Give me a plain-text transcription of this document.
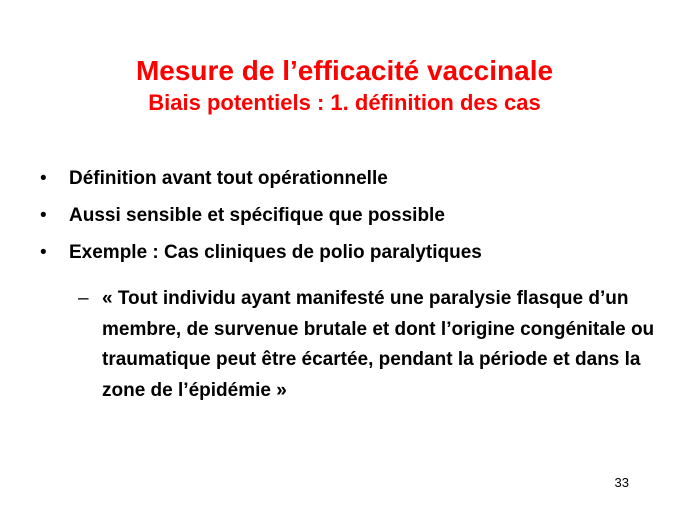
Mesure de l’efficacité vaccinale
Biais potentiels : 1. définition des cas
• Définition avant tout opérationnelle
• Aussi sensible et spécifique que possible
• Exemple : Cas cliniques de polio paralytiques
– « Tout individu ayant manifesté une paralysie flasque d’un membre, de survenue brutale et dont l’origine congénitale ou traumatique peut être écartée, pendant la période et dans la zone de l’épidémie »
33
